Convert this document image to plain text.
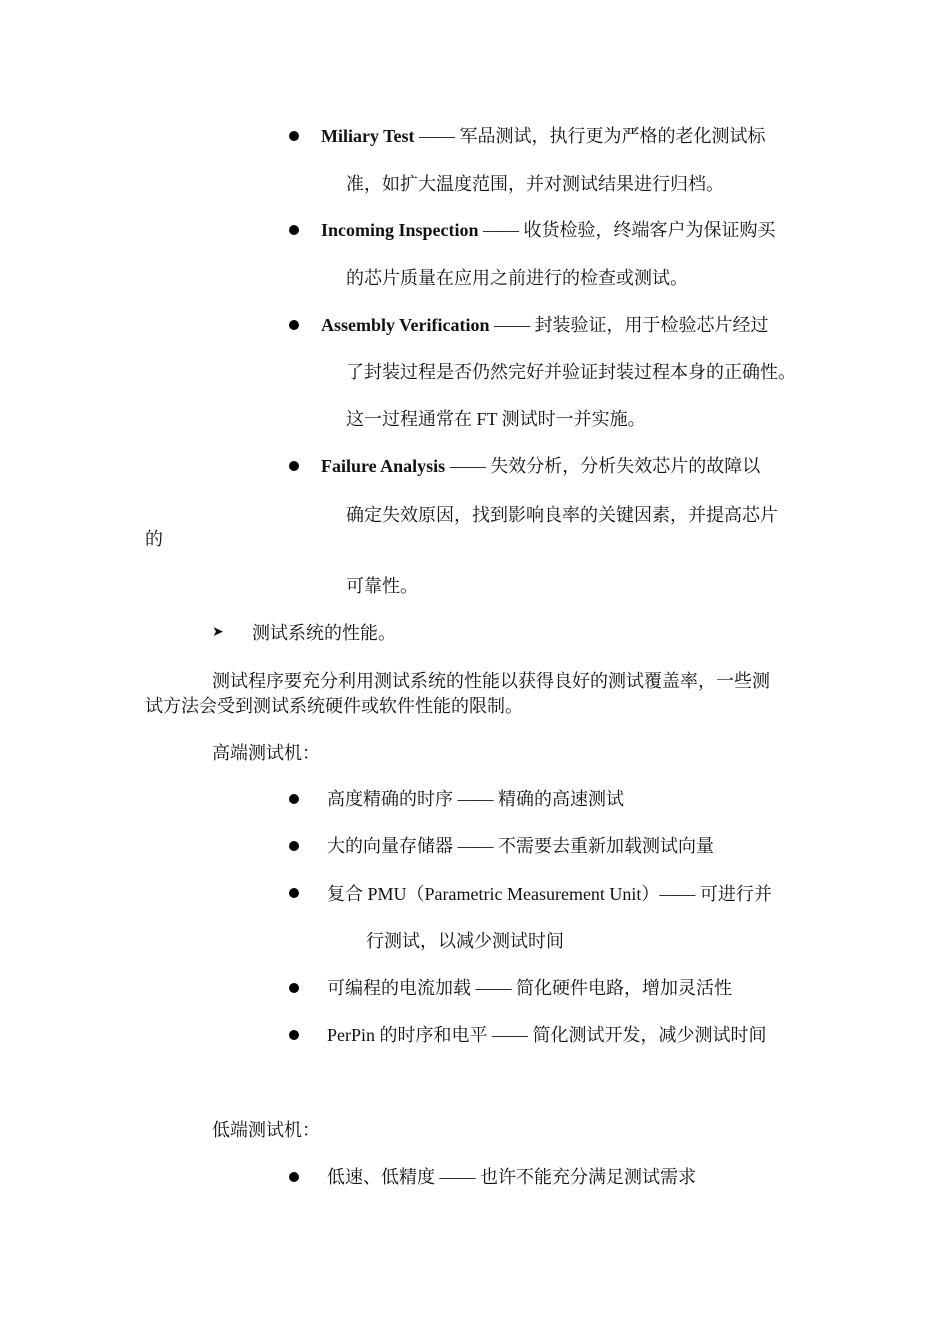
Miliary Test —— 军品测试，执行更为严格的老化测试标
准，如扩大温度范围，并对测试结果进行归档。
Incoming Inspection —— 收货检验，终端客户为保证购买
的芯片质量在应用之前进行的检查或测试。
Assembly Verification —— 封装验证，用于检验芯片经过
了封装过程是否仍然完好并验证封装过程本身的正确性。
这一过程通常在 FT 测试时一并实施。
Failure Analysis —— 失效分析，分析失效芯片的故障以
确定失效原因，找到影响良率的关键因素，并提高芯片
的
可靠性。
➤ 测试系统的性能。
测试程序要充分利用测试系统的性能以获得良好的测试覆盖率，一些测
试方法会受到测试系统硬件或软件性能的限制。
高端测试机：
高度精确的时序 —— 精确的高速测试
大的向量存储器 —— 不需要去重新加载测试向量
复合 PMU（Parametric Measurement Unit）—— 可进行并
行测试，以减少测试时间
可编程的电流加载 —— 简化硬件电路，增加灵活性
PerPin 的时序和电平 —— 简化测试开发，减少测试时间
低端测试机：
低速、低精度 —— 也许不能充分满足测试需求
